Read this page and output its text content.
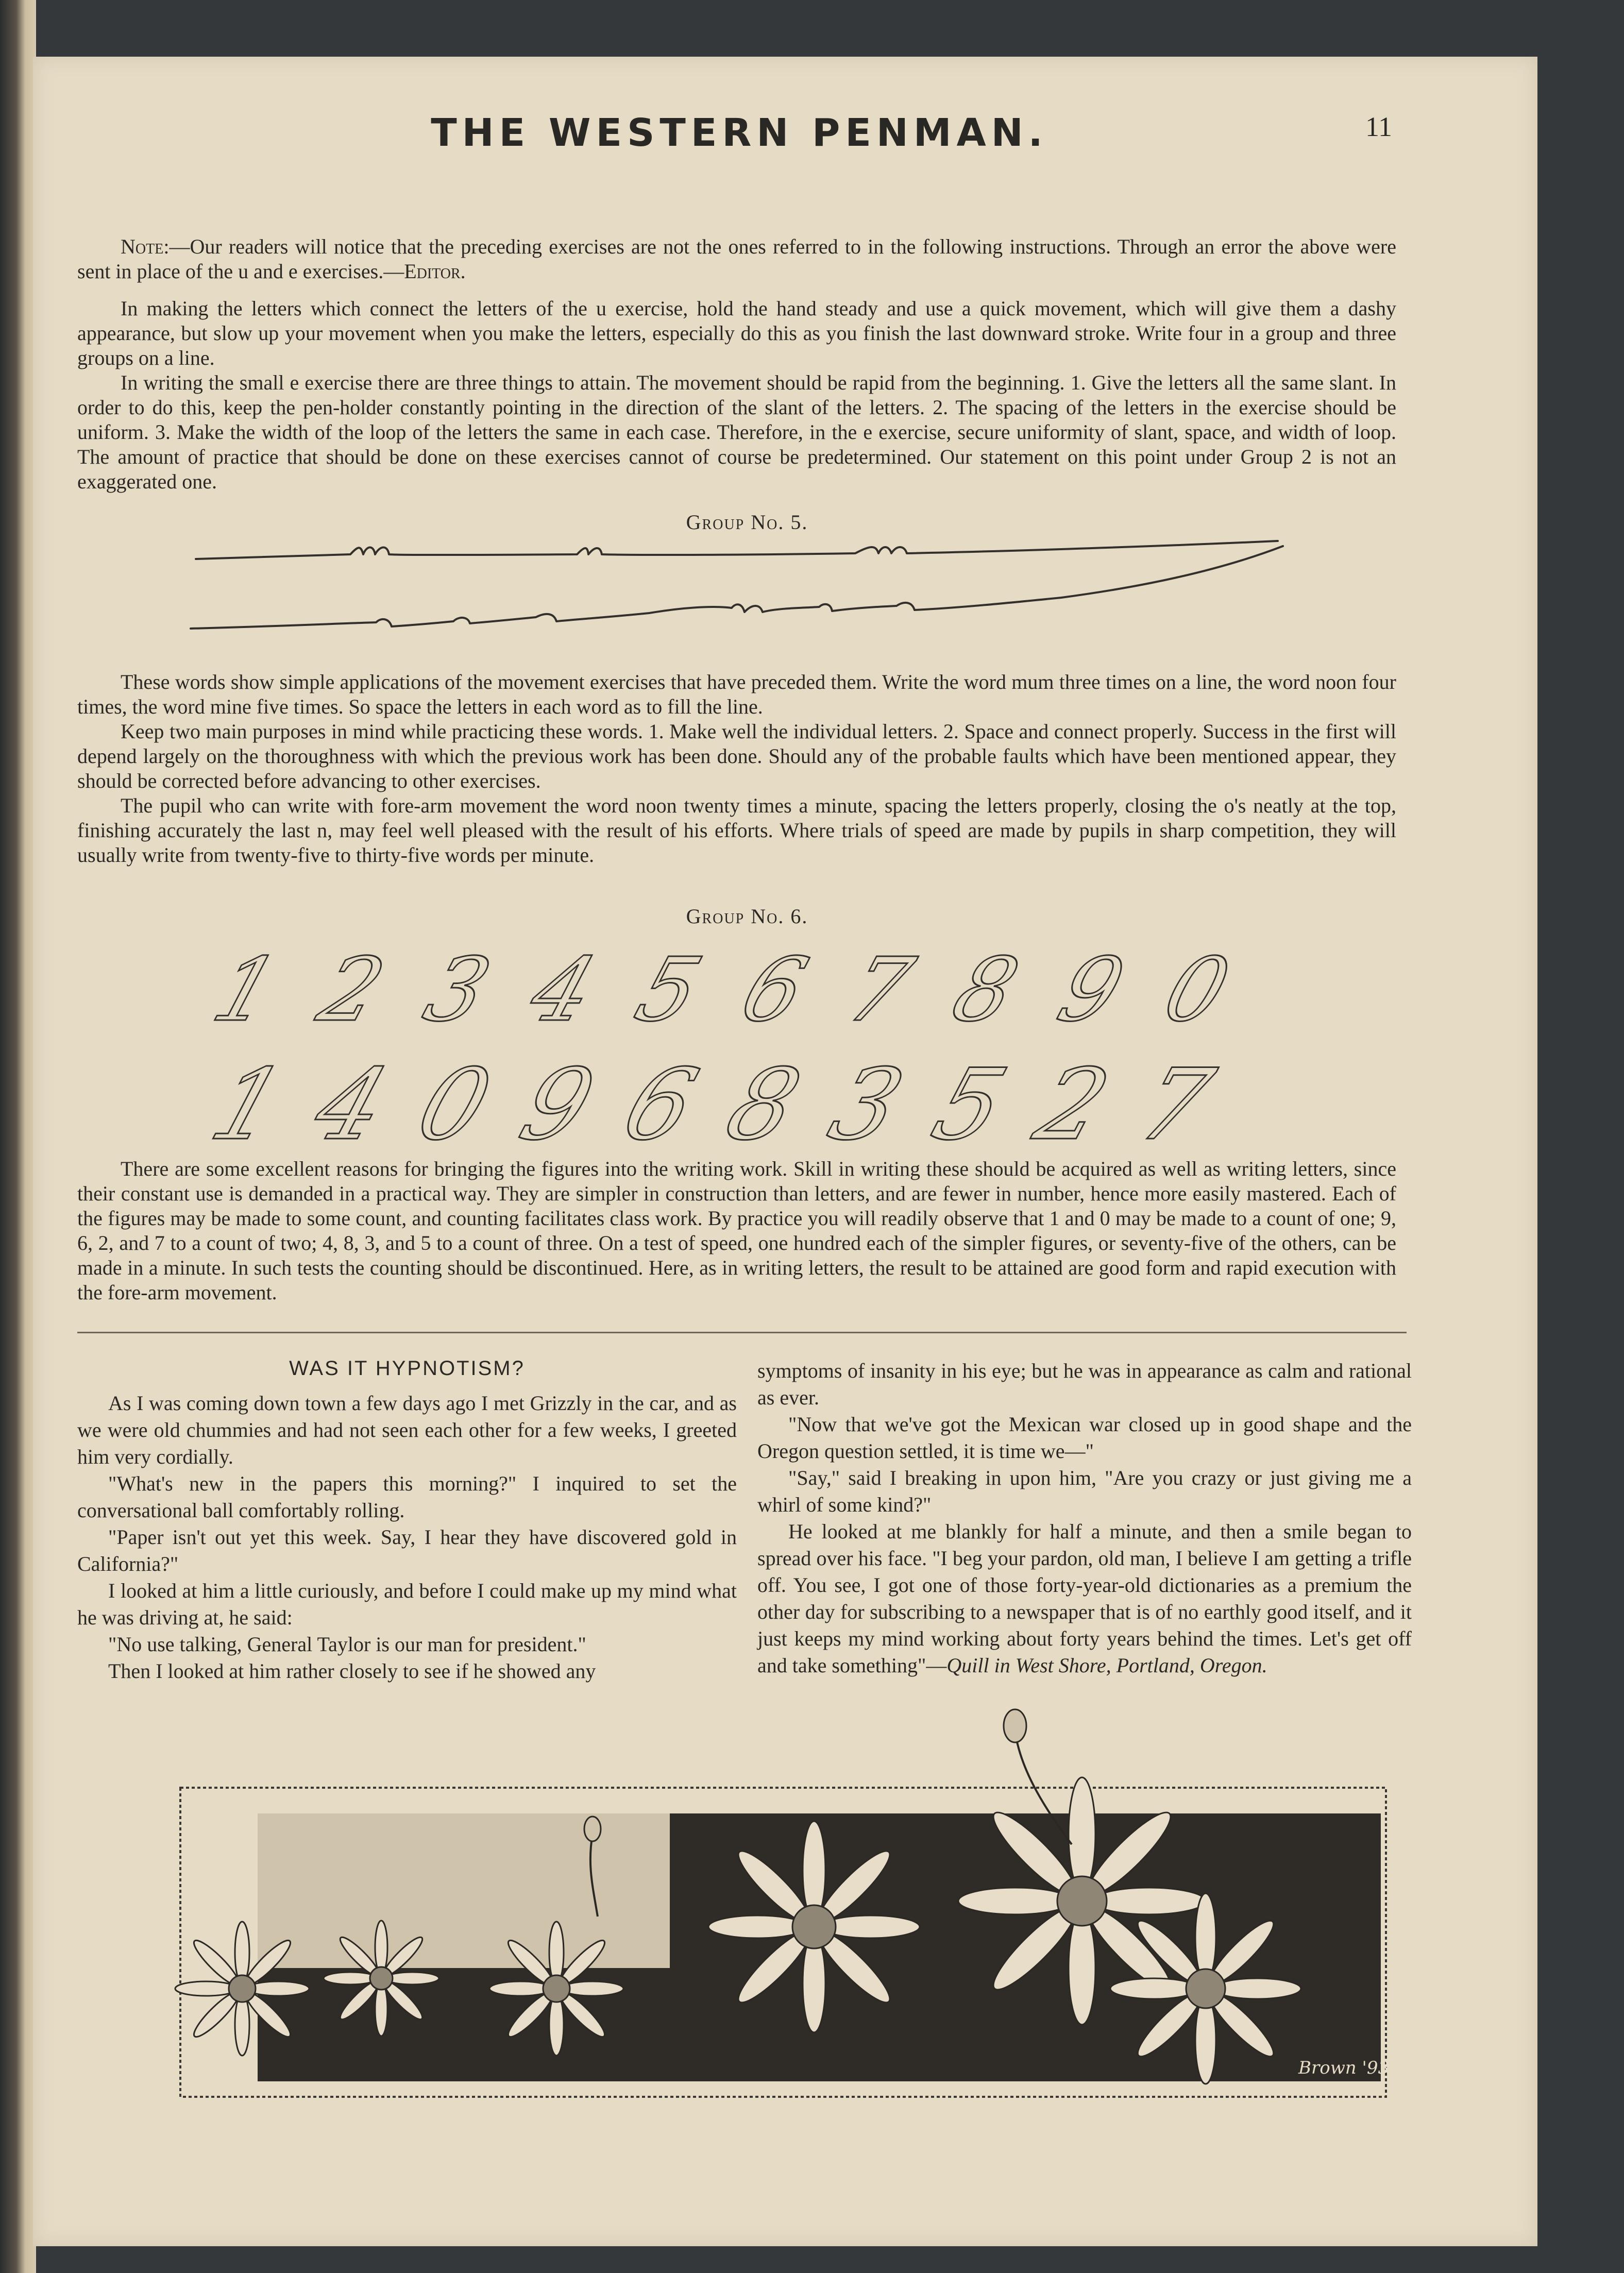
THE WESTERN PENMAN.	11

Note:—Our readers will notice that the preceding exercises are not the ones referred to in the following instructions. Through an error the above were sent in place of the u and e exercises.—Editor.

In making the letters which connect the letters of the u exercise, hold the hand steady and use a quick movement, which will give them a dashy appearance, but slow up your movement when you make the letters, especially do this as you finish the last downward stroke. Write four in a group and three groups on a line.

In writing the small e exercise there are three things to attain. The movement should be rapid from the beginning. 1. Give the letters all the same slant. In order to do this, keep the pen-holder constantly pointing in the direction of the slant of the letters. 2. The spacing of the letters in the exercise should be uniform. 3. Make the width of the loop of the letters the same in each case. Therefore, in the e exercise, secure uniformity of slant, space, and width of loop. The amount of practice that should be done on these exercises cannot of course be predetermined. Our statement on this point under Group 2 is not an exaggerated one.

Group No. 5.

These words show simple applications of the movement exercises that have preceded them. Write the word mum three times on a line, the word noon four times, the word mine five times. So space the letters in each word as to fill the line.

Keep two main purposes in mind while practicing these words. 1. Make well the individual letters. 2. Space and connect properly. Success in the first will depend largely on the thoroughness with which the previous work has been done. Should any of the probable faults which have been mentioned appear, they should be corrected before advancing to other exercises.

The pupil who can write with fore-arm movement the word noon twenty times a minute, spacing the letters properly, closing the o's neatly at the top, finishing accurately the last n, may feel well pleased with the result of his efforts. Where trials of speed are made by pupils in sharp competition, they will usually write from twenty-five to thirty-five words per minute.

Group No. 6.
1 2 3 4 5 6 7 8 9 0
1 4 0 9 6 8 3 5 2 7

There are some excellent reasons for bringing the figures into the writing work. Skill in writing these should be acquired as well as writing letters, since their constant use is demanded in a practical way. They are simpler in construction than letters, and are fewer in number, hence more easily mastered. Each of the figures may be made to some count, and counting facilitates class work. By practice you will readily observe that 1 and 0 may be made to a count of one; 9, 6, 2, and 7 to a count of two; 4, 8, 3, and 5 to a count of three. On a test of speed, one hundred each of the simpler figures, or seventy-five of the others, can be made in a minute. In such tests the counting should be discontinued. Here, as in writing letters, the result to be attained are good form and rapid execution with the fore-arm movement.

WAS IT HYPNOTISM?

As I was coming down town a few days ago I met Grizzly in the car, and as we were old chummies and had not seen each other for a few weeks, I greeted him very cordially.

"What's new in the papers this morning?" I inquired to set the conversational ball comfortably rolling.

"Paper isn't out yet this week. Say, I hear they have discovered gold in California?"

I looked at him a little curiously, and before I could make up my mind what he was driving at, he said:

"No use talking, General Taylor is our man for president."

Then I looked at him rather closely to see if he showed any

symptoms of insanity in his eye; but he was in appearance as calm and rational as ever.

"Now that we've got the Mexican war closed up in good shape and the Oregon question settled, it is time we—"

"Say," said I breaking in upon him, "Are you crazy or just giving me a whirl of some kind?"

He looked at me blankly for half a minute, and then a smile began to spread over his face. "I beg your pardon, old man, I believe I am getting a trifle off. You see, I got one of those forty-year-old dictionaries as a premium the other day for subscribing to a newspaper that is of no earthly good itself, and it just keeps my mind working about forty years behind the times. Let's get off and take something"—Quill in West Shore, Portland, Oregon.

Brown '93
